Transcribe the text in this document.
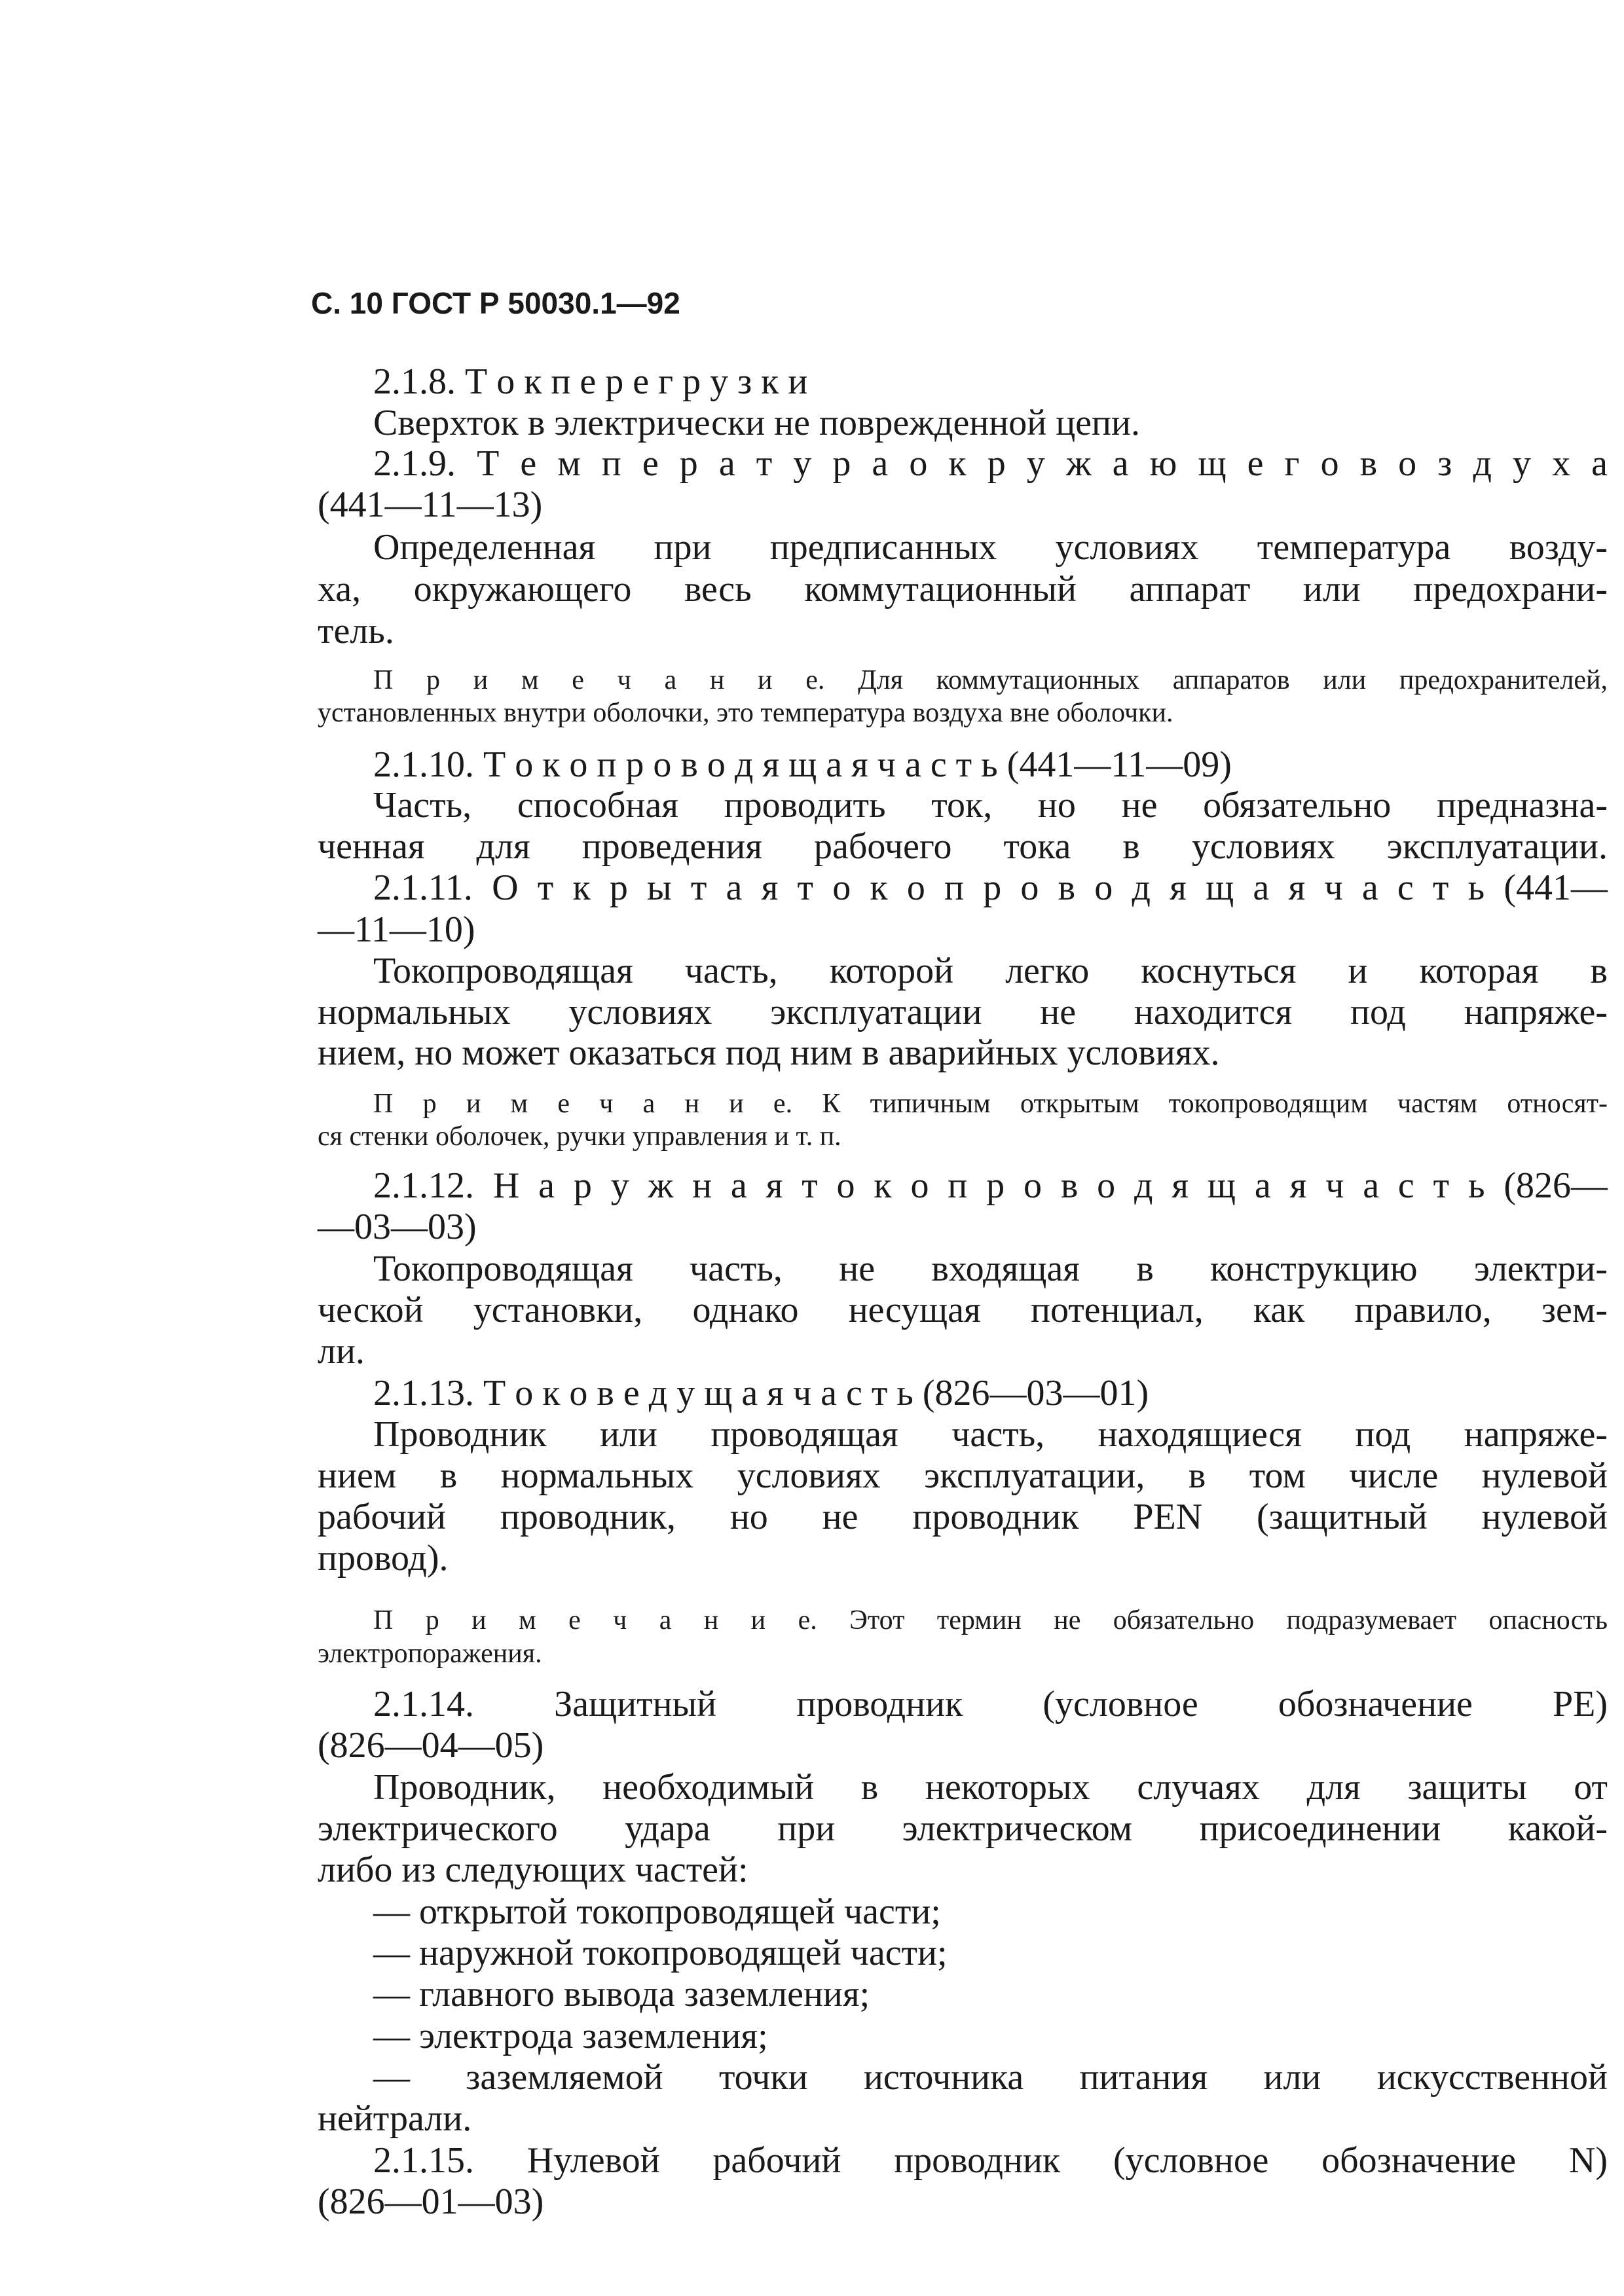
С. 10 ГОСТ Р 50030.1—92
2.1.8. Т о к п е р е г р у з к и
Сверхток в электрически не поврежденной цепи.
2.1.9. Т е м п е р а т у р а о к р у ж а ю щ е г о в о з д у х а
(441—11—13)
Определенная при предписанных условиях температура возду-
ха, окружающего весь коммутационный аппарат или предохрани-
тель.
П р и м е ч а н и е. Для коммутационных аппаратов или предохранителей,
установленных внутри оболочки, это температура воздуха вне оболочки.
2.1.10. Т о к о п р о в о д я щ а я ч а с т ь (441—11—09)
Часть, способная проводить ток, но не обязательно предназна-
ченная для проведения рабочего тока в условиях эксплуатации.
2.1.11. О т к р ы т а я т о к о п р о в о д я щ а я ч а с т ь (441—
—11—10)
Токопроводящая часть, которой легко коснуться и которая в
нормальных условиях эксплуатации не находится под напряже-
нием, но может оказаться под ним в аварийных условиях.
П р и м е ч а н и е. К типичным открытым токопроводящим частям относят-
ся стенки оболочек, ручки управления и т. п.
2.1.12. Н а р у ж н а я т о к о п р о в о д я щ а я ч а с т ь (826—
—03—03)
Токопроводящая часть, не входящая в конструкцию электри-
ческой установки, однако несущая потенциал, как правило, зем-
ли.
2.1.13. Т о к о в е д у щ а я ч а с т ь (826—03—01)
Проводник или проводящая часть, находящиеся под напряже-
нием в нормальных условиях эксплуатации, в том числе нулевой
рабочий проводник, но не проводник PEN (защитный нулевой
провод).
П р и м е ч а н и е. Этот термин не обязательно подразумевает опасность
электропоражения.
2.1.14. Защитный проводник (условное обозначение PE)
(826—04—05)
Проводник, необходимый в некоторых случаях для защиты от
электрического удара при электрическом присоединении какой-
либо из следующих частей:
— открытой токопроводящей части;
— наружной токопроводящей части;
— главного вывода заземления;
— электрода заземления;
— заземляемой точки источника питания или искусственной
нейтрали.
2.1.15. Нулевой рабочий проводник (условное обозначение N)
(826—01—03)
